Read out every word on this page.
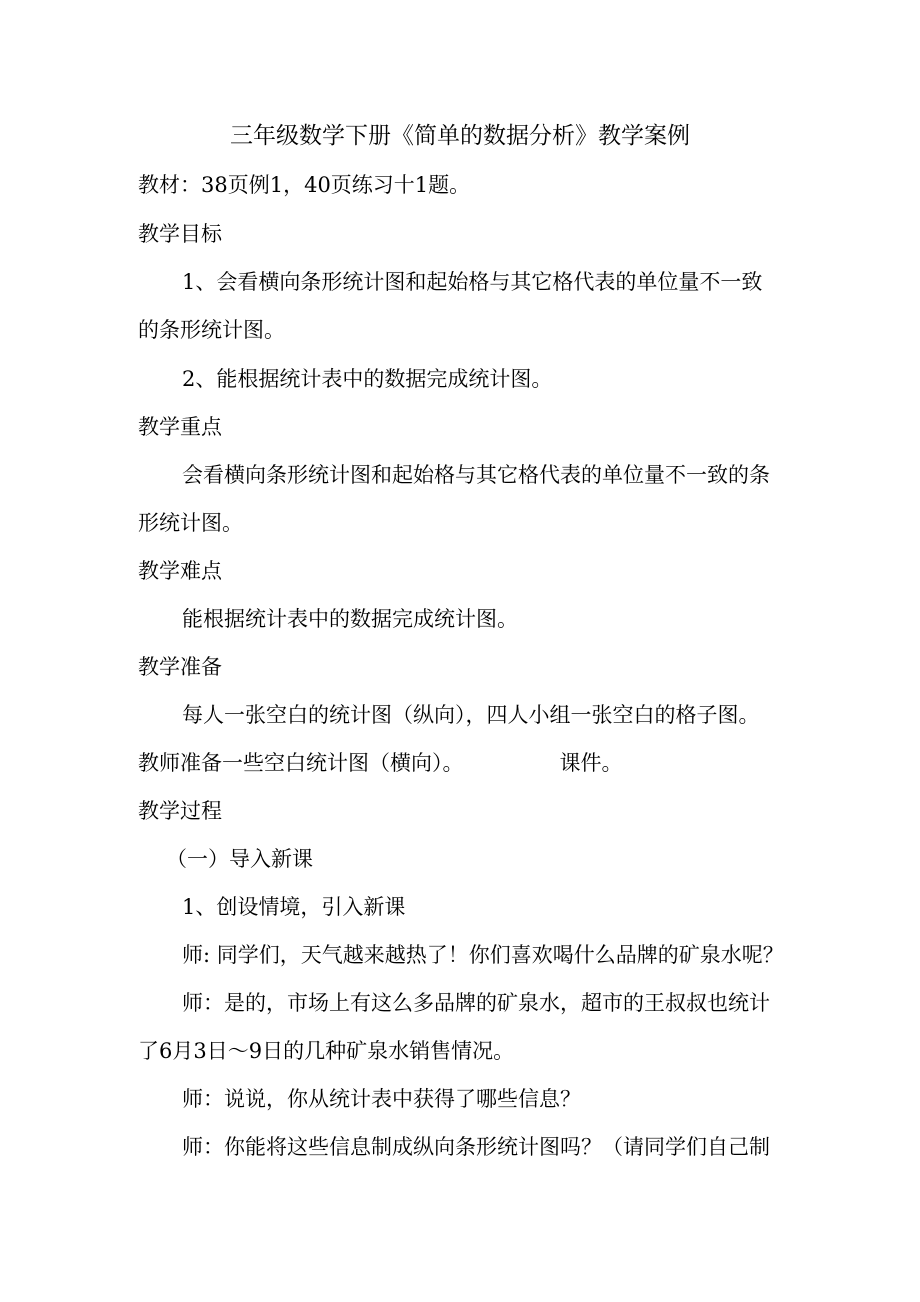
三年级数学下册《简单的数据分析》教学案例
教材：38页例1，40页练习十1题。
教学目标
1、会看横向条形统计图和起始格与其它格代表的单位量不一致
的条形统计图。
2、能根据统计表中的数据完成统计图。
教学重点
会看横向条形统计图和起始格与其它格代表的单位量不一致的条
形统计图。
教学难点
能根据统计表中的数据完成统计图。
教学准备
每人一张空白的统计图（纵向），四人小组一张空白的格子图。
教师准备一些空白统计图（横向）。	课件。
教学过程
（一）导入新课
1、创设情境，引入新课
师: 同学们，天气越来越热了！你们喜欢喝什么品牌的矿泉水呢？
师：是的，市场上有这么多品牌的矿泉水，超市的王叔叔也统计
了6月3日～9日的几种矿泉水销售情况。
师：说说，你从统计表中获得了哪些信息？
师：你能将这些信息制成纵向条形统计图吗？（请同学们自己制
